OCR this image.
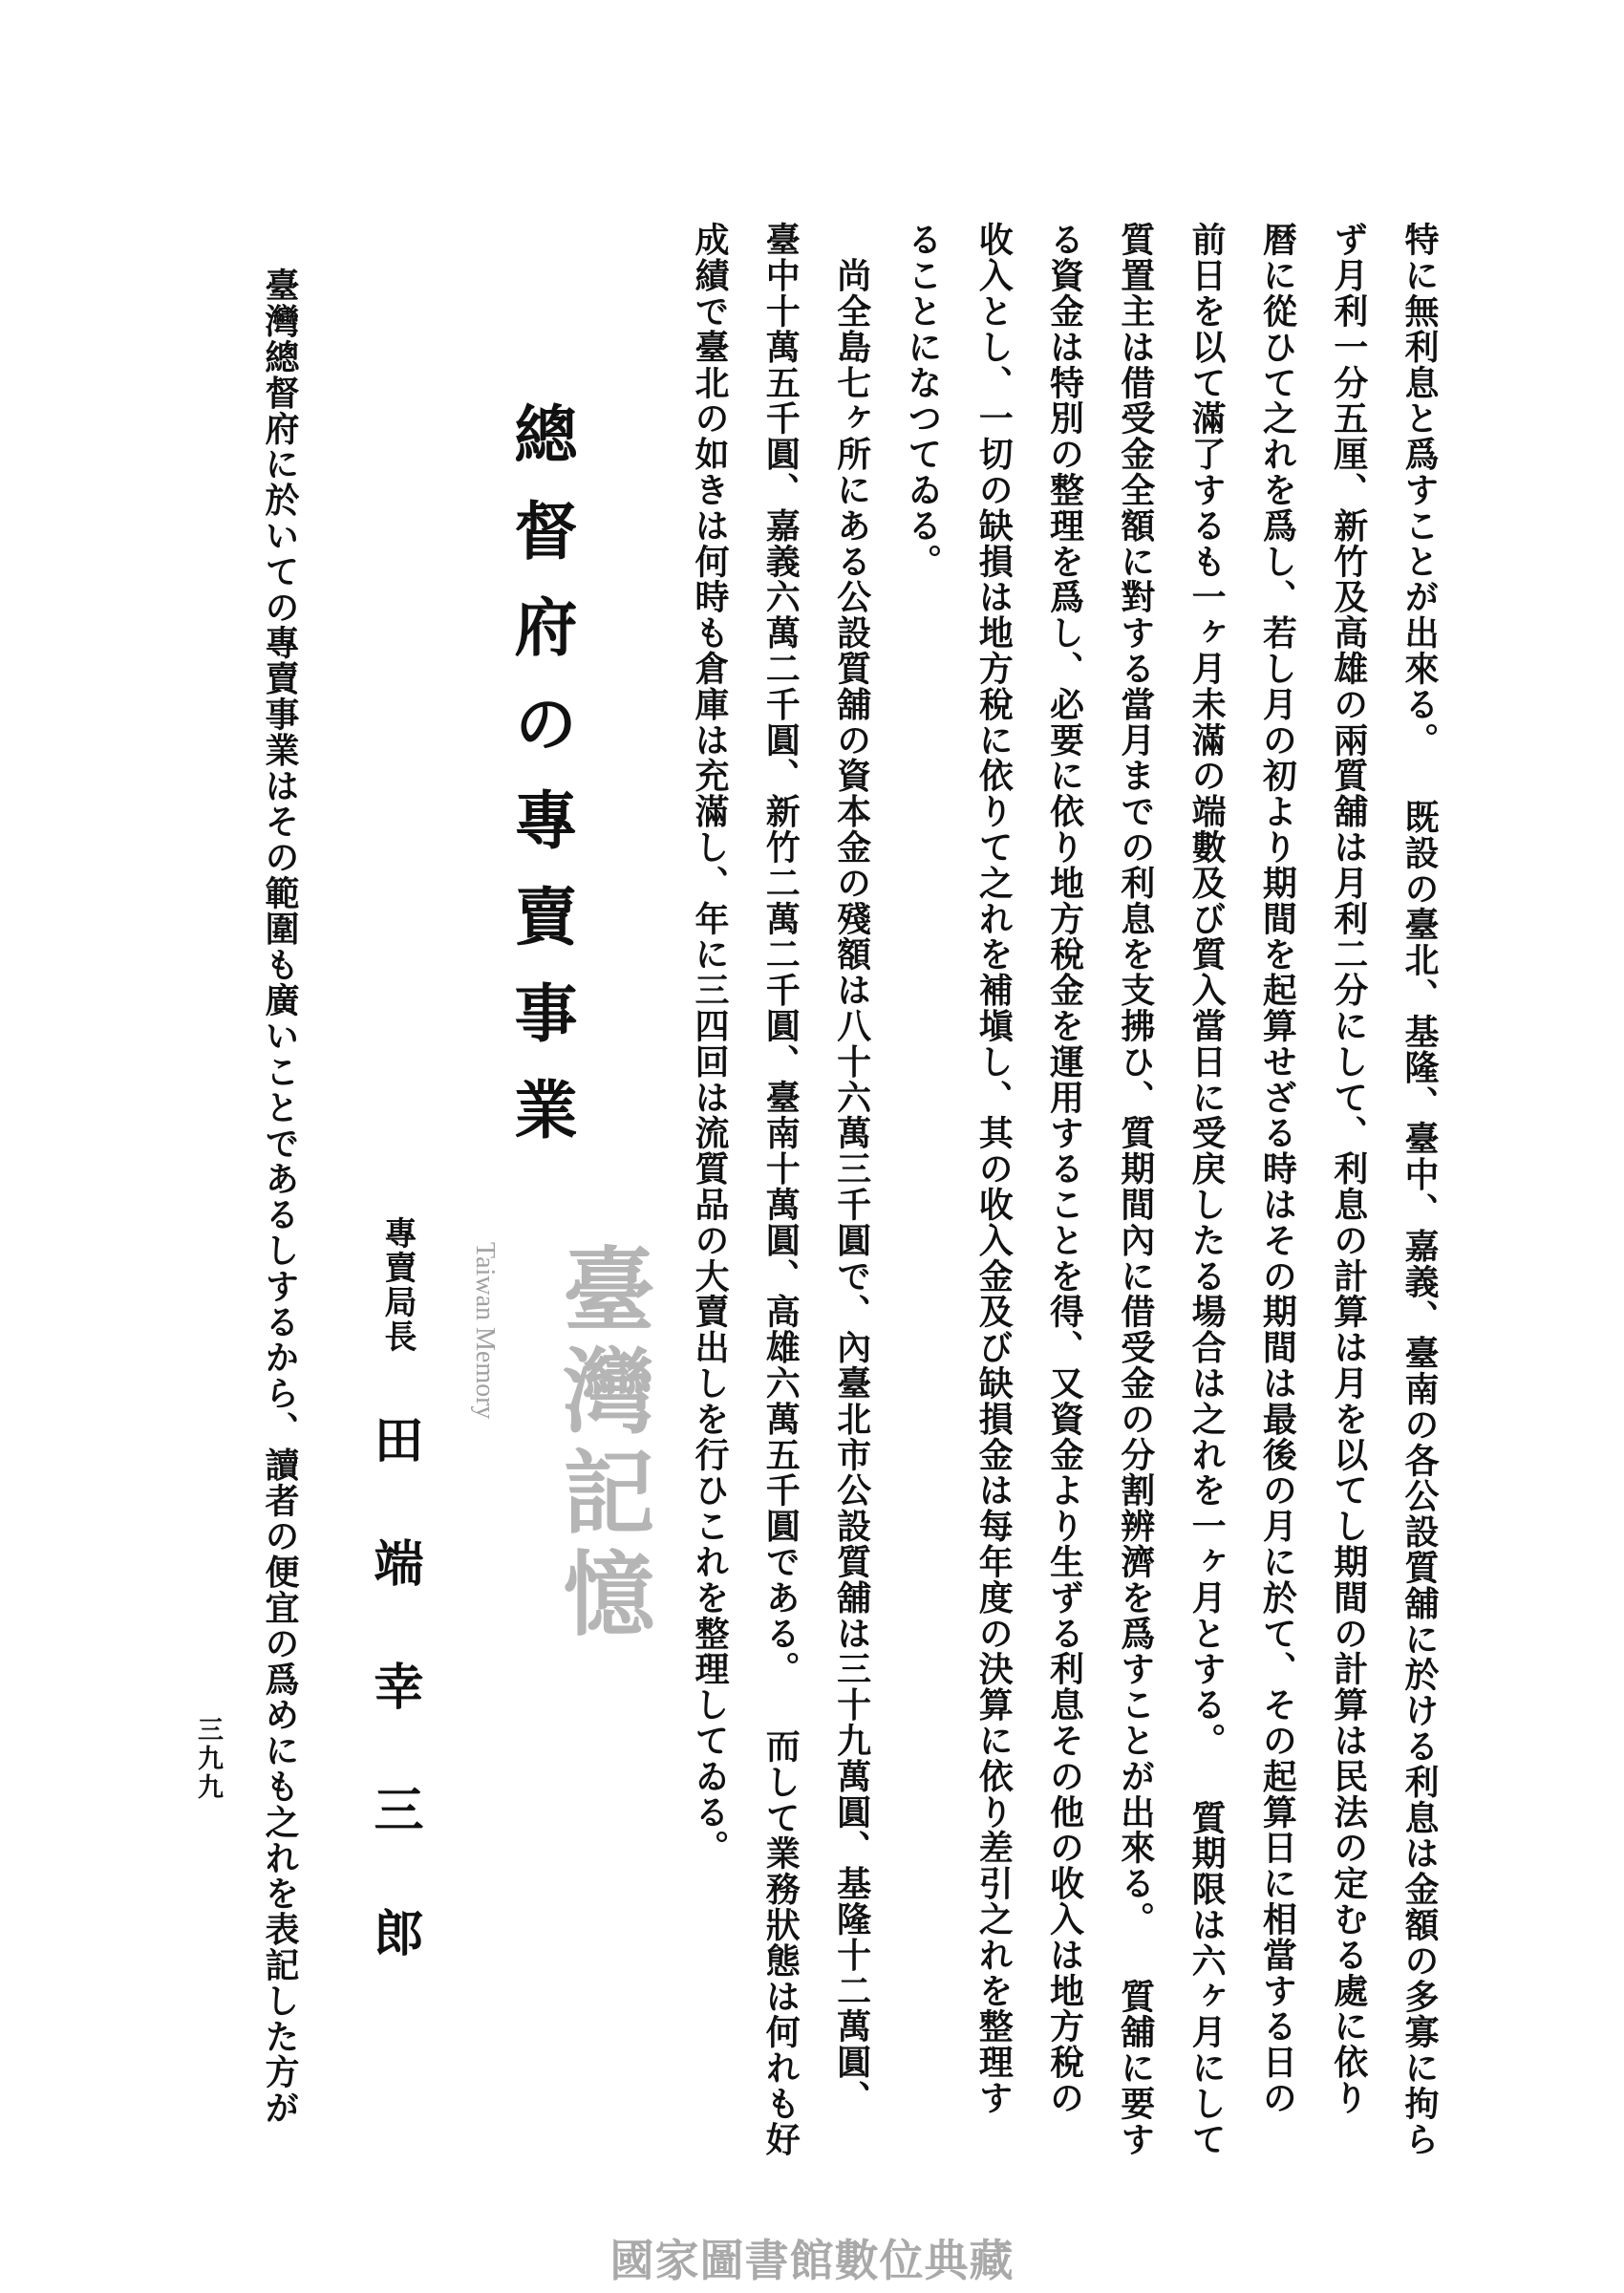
特に無利息と爲すことが出來る。 既設の臺北、基隆、臺中、嘉義、臺南の各公設質舖に於ける利息は金額の多寡に拘ら
ず月利一分五厘、新竹及高雄の兩質舖は月利二分にして、利息の計算は月を以てし期間の計算は民法の定むる處に依り
暦に從ひて之れを爲し、若し月の初より期間を起算せざる時はその期間は最後の月に於て、その起算日に相當する日の
前日を以て滿了するも一ヶ月未滿の端數及び質入當日に受戻したる場合は之れを一ヶ月とする。 質期限は六ヶ月にして
質置主は借受金全額に對する當月までの利息を支拂ひ、質期間內に借受金の分割辨濟を爲すことが出來る。 質舖に要す
る資金は特別の整理を爲し、必要に依り地方稅金を運用することを得、又資金より生ずる利息その他の收入は地方稅の
收入とし、一切の缺損は地方稅に依りて之れを補塡し、其の收入金及び缺損金は每年度の決算に依り差引之れを整理す
ることになつてゐる。
　尚全島七ヶ所にある公設質舖の資本金の殘額は八十六萬三千圓で、內臺北市公設質舖は三十九萬圓、基隆十二萬圓、
臺中十萬五千圓、嘉義六萬二千圓、新竹二萬二千圓、臺南十萬圓、高雄六萬五千圓である。 而して業務狀態は何れも好
成績で臺北の如きは何時も倉庫は充滿し、年に三四回は流質品の大賣出しを行ひこれを整理してゐる。
總督府の專賣事業
專賣局長
田端幸三郎
臺灣總督府に於いての專賣事業はその範圍も廣いことであるしするから、讀者の便宜の爲めにも之れを表記した方が
三九九
臺灣記憶
Taiwan Memory
國家圖書館數位典藏
